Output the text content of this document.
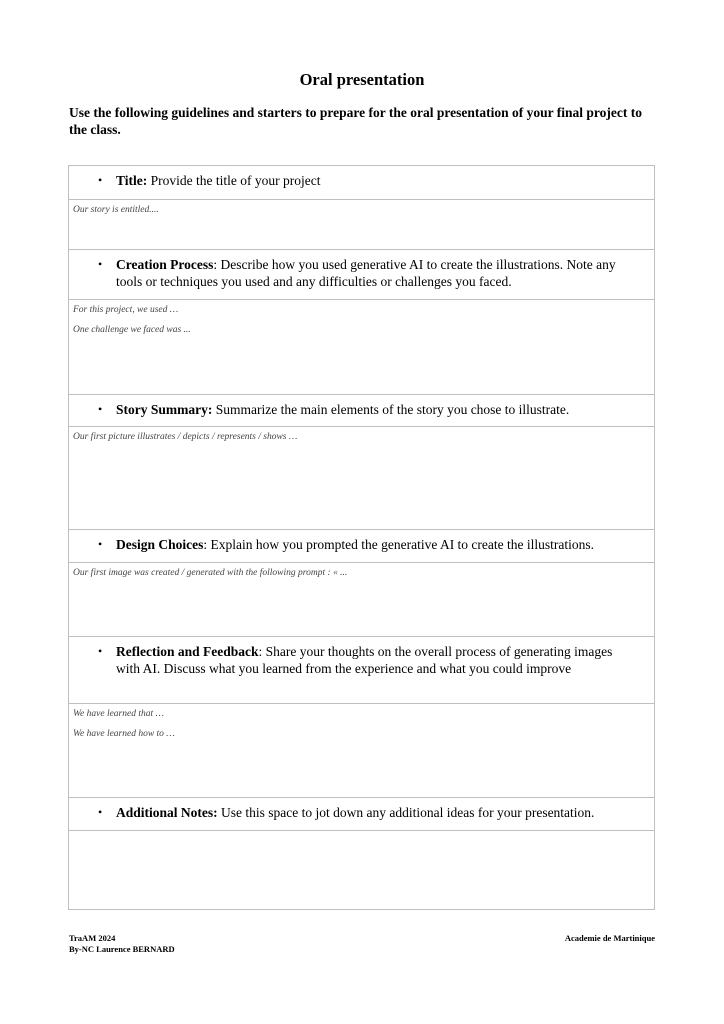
Oral presentation
Use the following guidelines and starters to prepare for the oral presentation of your final project to the class.
• Title: Provide the title of your project
Our story is entitled....
• Creation Process: Describe how you used generative AI to create the illustrations. Note any tools or techniques you used and any difficulties or challenges you faced.
For this project, we used …
One challenge we faced was ...
• Story Summary: Summarize the main elements of the story you chose to illustrate.
Our first picture illustrates / depicts / represents / shows …
• Design Choices: Explain how you prompted the generative AI to create the illustrations.
Our first image was created / generated with the following prompt : « ...
• Reflection and Feedback: Share your thoughts on the overall process of generating images with AI. Discuss what you learned from the experience and what you could improve
We have learned that …
We have learned how to …
• Additional Notes: Use this space to jot down any additional ideas for your presentation.
TraAM 2024
By-NC Laurence BERNARD
Academie de Martinique
